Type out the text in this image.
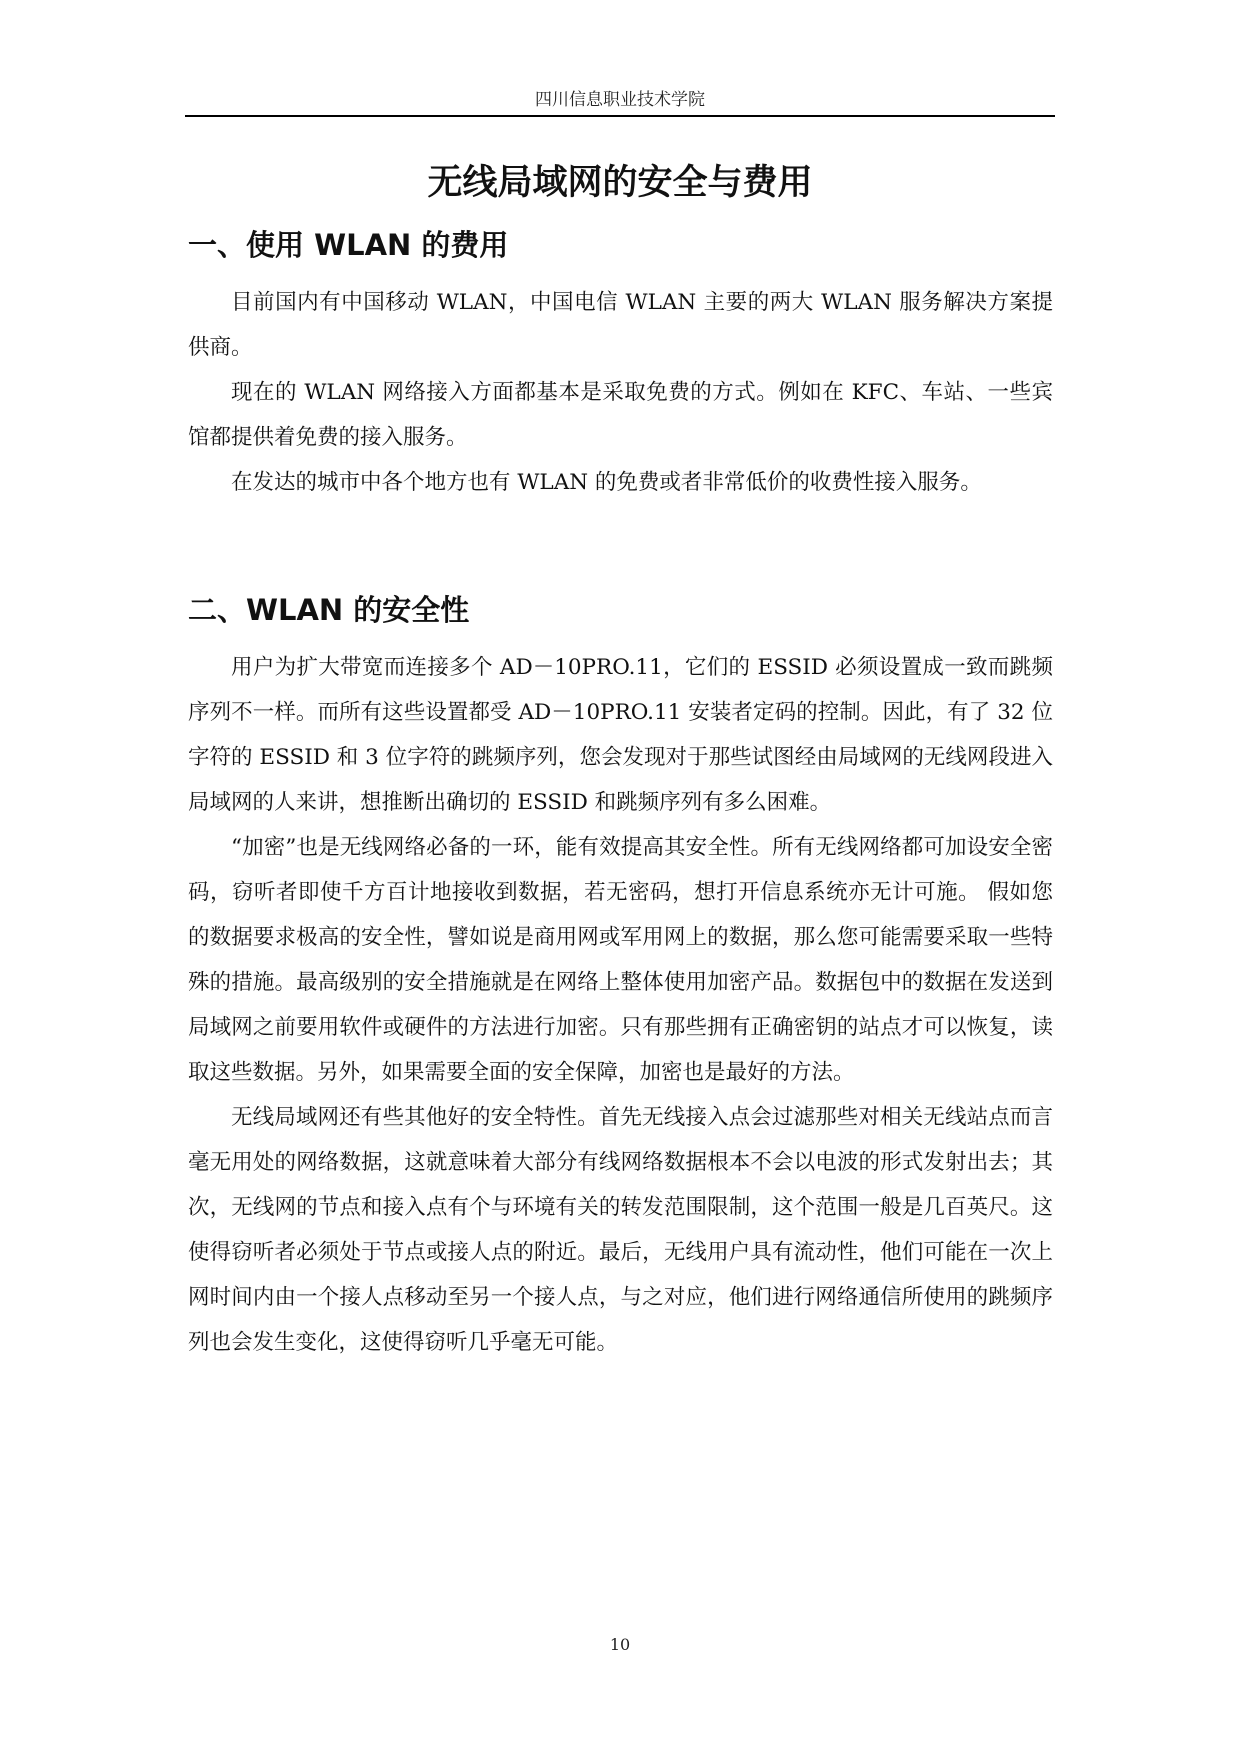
四川信息职业技术学院
无线局域网的安全与费用
一、使用 WLAN 的费用

目前国内有中国移动 WLAN，中国电信 WLAN 主要的两大 WLAN 服务解决方案提供商。

现在的 WLAN 网络接入方面都基本是采取免费的方式。例如在 KFC、车站、一些宾馆都提供着免费的接入服务。

在发达的城市中各个地方也有 WLAN 的免费或者非常低价的收费性接入服务。

二、WLAN 的安全性

用户为扩大带宽而连接多个 AD－10PRO.11，它们的 ESSID 必须设置成一致而跳频序列不一样。而所有这些设置都受 AD－10PRO.11 安装者定码的控制。因此，有了 32 位字符的 ESSID 和 3 位字符的跳频序列，您会发现对于那些试图经由局域网的无线网段进入局域网的人来讲，想推断出确切的 ESSID 和跳频序列有多么困难。

“加密”也是无线网络必备的一环，能有效提高其安全性。所有无线网络都可加设安全密码，窃听者即使千方百计地接收到数据，若无密码，想打开信息系统亦无计可施。 假如您的数据要求极高的安全性，譬如说是商用网或军用网上的数据，那么您可能需要采取一些特殊的措施。最高级别的安全措施就是在网络上整体使用加密产品。数据包中的数据在发送到局域网之前要用软件或硬件的方法进行加密。只有那些拥有正确密钥的站点才可以恢复，读取这些数据。另外，如果需要全面的安全保障，加密也是最好的方法。

无线局域网还有些其他好的安全特性。首先无线接入点会过滤那些对相关无线站点而言毫无用处的网络数据，这就意味着大部分有线网络数据根本不会以电波的形式发射出去；其次，无线网的节点和接入点有个与环境有关的转发范围限制，这个范围一般是几百英尺。这使得窃听者必须处于节点或接人点的附近。最后，无线用户具有流动性，他们可能在一次上网时间内由一个接人点移动至另一个接人点，与之对应，他们进行网络通信所使用的跳频序列也会发生变化，这使得窃听几乎毫无可能。

10
